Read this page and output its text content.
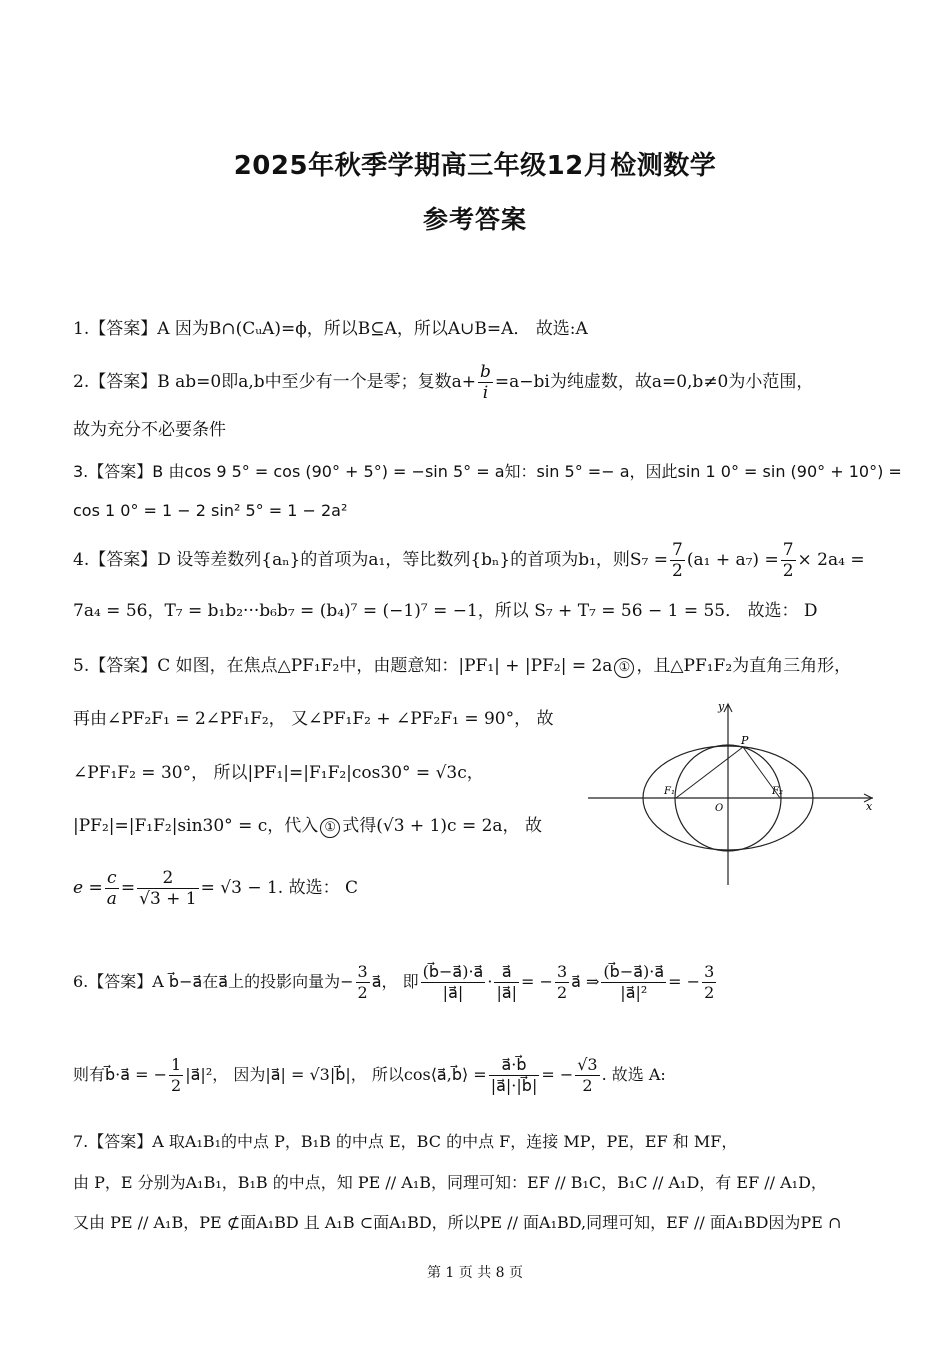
2025年秋季学期高三年级12月检测数学
参考答案
1.【答案】A 因为B∩(CᵤA)=ϕ，所以B⊆A，所以A∪B=A． 故选:A
2.【答案】B ab=0即a,b中至少有一个是零；复数$a+ \frac{b}{i} =a-bi$为纯虚数，故a=0,b≠0为小范围，
故为充分不必要条件
3.【答案】B 由cos 9 5° = cos (90° + 5°) = −sin 5° = a知：sin 5° =− a，因此sin 1 0° = sin (90° + 10°) =
cos 1 0° = 1 − 2 sin² 5° = 1 − 2a²
4.【答案】D 设等差数列{aₙ}的首项为a₁，等比数列{bₙ}的首项为b₁，则$S_7 = \frac{7}{2} (a_1 + a_7) = \frac{7}{2} \times 2a_4$ =
7a₄ = 56，T₇ = b₁b₂···b₆b₇ = (b₄)⁷ = (−1)⁷ = −1，所以 S₇ + T₇ = 56 − 1 = 55． 故选： D
5.【答案】C 如图，在焦点△PF₁F₂中，由题意知：|PF₁| + |PF₂| = 2a ① ，且△PF₁F₂为直角三角形，
再由∠PF₂F₁ = 2∠PF₁F₂， 又∠PF₁F₂ + ∠PF₂F₁ = 90°， 故
∠PF₁F₂ = 30°， 所以|PF₁|=|F₁F₂|cos30° = √3c，
|PF₂|=|F₁F₂|sin30° = c，代入 ① 式得(√3 + 1)c = 2a， 故
$e = \frac{c}{a} = \frac{2}{√3 + 1} = √3 - 1$. 故选： C
y
x
P
F₁	F₂
O
6.【答案】A b⃗−a⃗在a⃗上的投影向量为− $\frac{3}{2}$ a⃗， 即 $\frac{(b⃗-a⃗)\cdot a⃗}{|a⃗|} \cdot \frac{a⃗}{|a⃗|}$ = − $\frac{3}{2}$ a⃗ ⇒ $\frac{(b⃗-a⃗)\cdot a⃗}{\text{|a⃗|²}}$ = − $\frac{3}{2}$
则有b⃗·a⃗ = − $\frac{1}{2}$ |a⃗|²， 因为|a⃗| = √3|b⃗|， 所以cos⟨a⃗,b⃗⟩ = $\frac{a⃗\cdot b⃗}{|a⃗|\cdot|b⃗|}$ = − $\frac{√3}{2}$ . 故选 A:
7.【答案】A 取A₁B₁的中点 P，B₁B 的中点 E，BC 的中点 F，连接 MP，PE，EF 和 MF，
由 P，E 分别为A₁B₁，B₁B 的中点，知 PE // A₁B，同理可知：EF // B₁C，B₁C // A₁D，有 EF // A₁D，
又由 PE // A₁B，PE ⊄面A₁BD 且 A₁B ⊂面A₁BD，所以PE // 面A₁BD,同理可知，EF // 面A₁BD因为PE ∩
第 1 页 共 8 页
